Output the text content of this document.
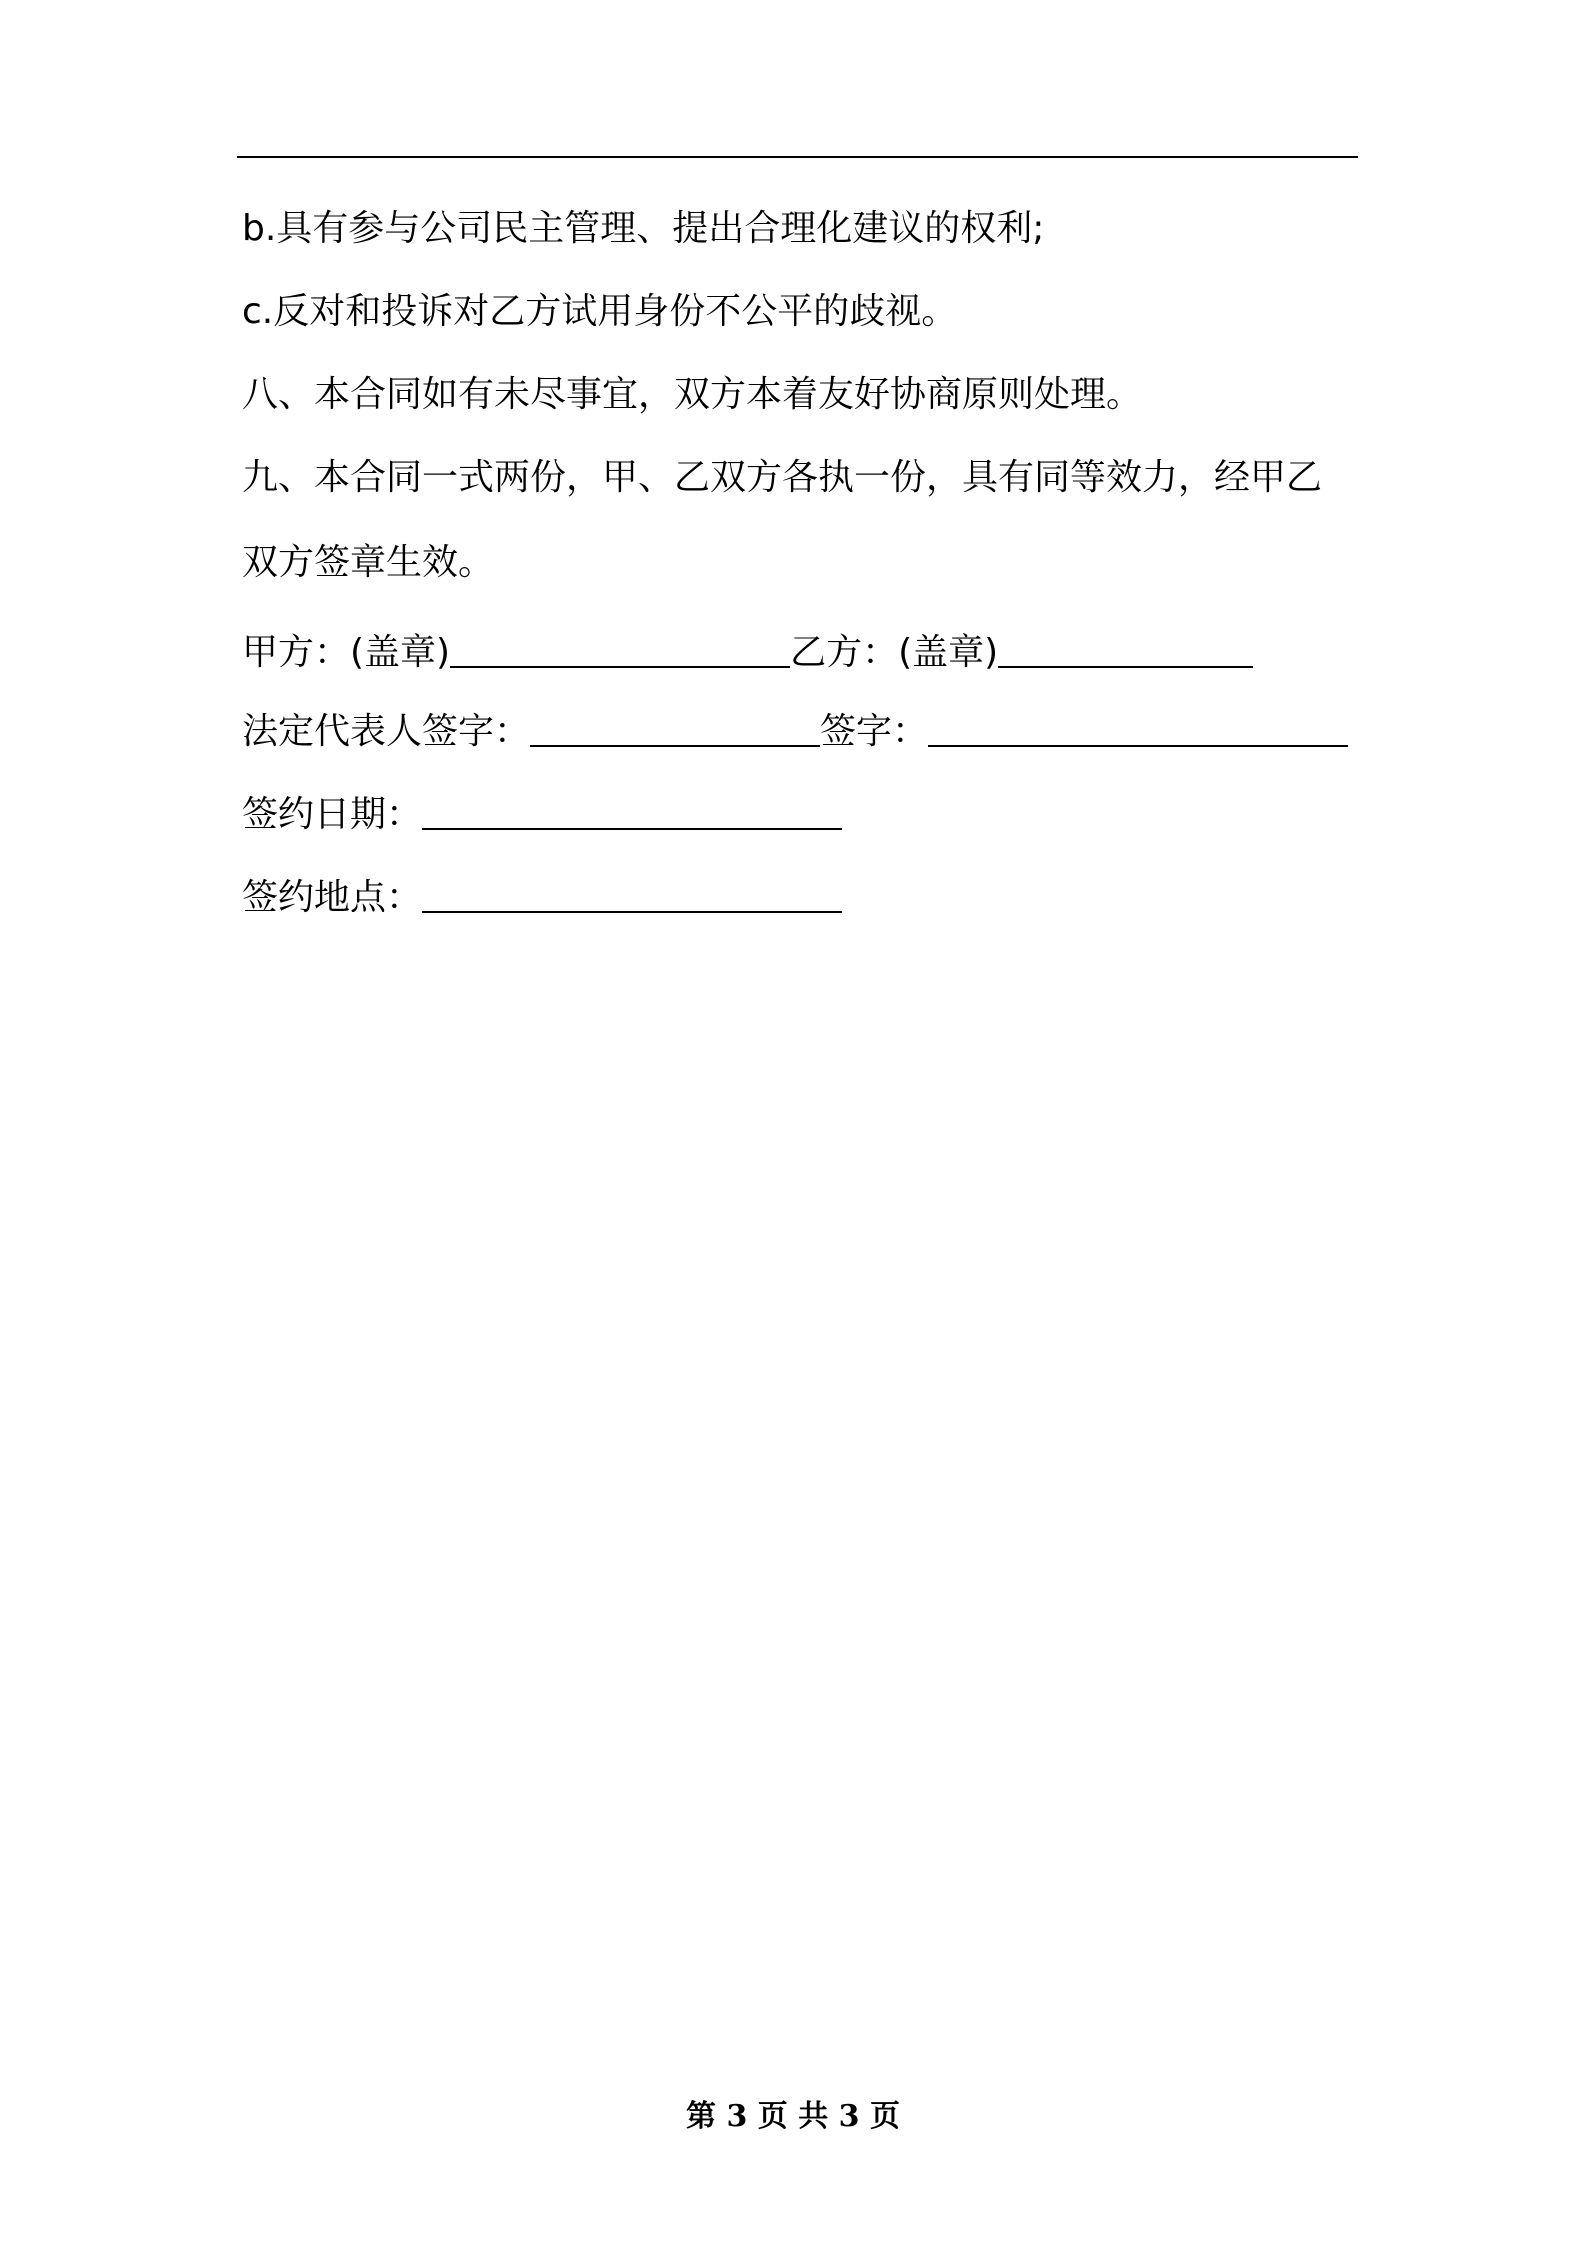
b.具有参与公司民主管理、提出合理化建议的权利;
c.反对和投诉对乙方试用身份不公平的歧视。
八、本合同如有未尽事宜，双方本着友好协商原则处理。
九、本合同一式两份，甲、乙双方各执一份，具有同等效力，经甲乙
双方签章生效。
甲方：(盖章)	乙方：(盖章)
法定代表人签字：	签字：
签约日期：
签约地点：
第 3 页 共 3 页
